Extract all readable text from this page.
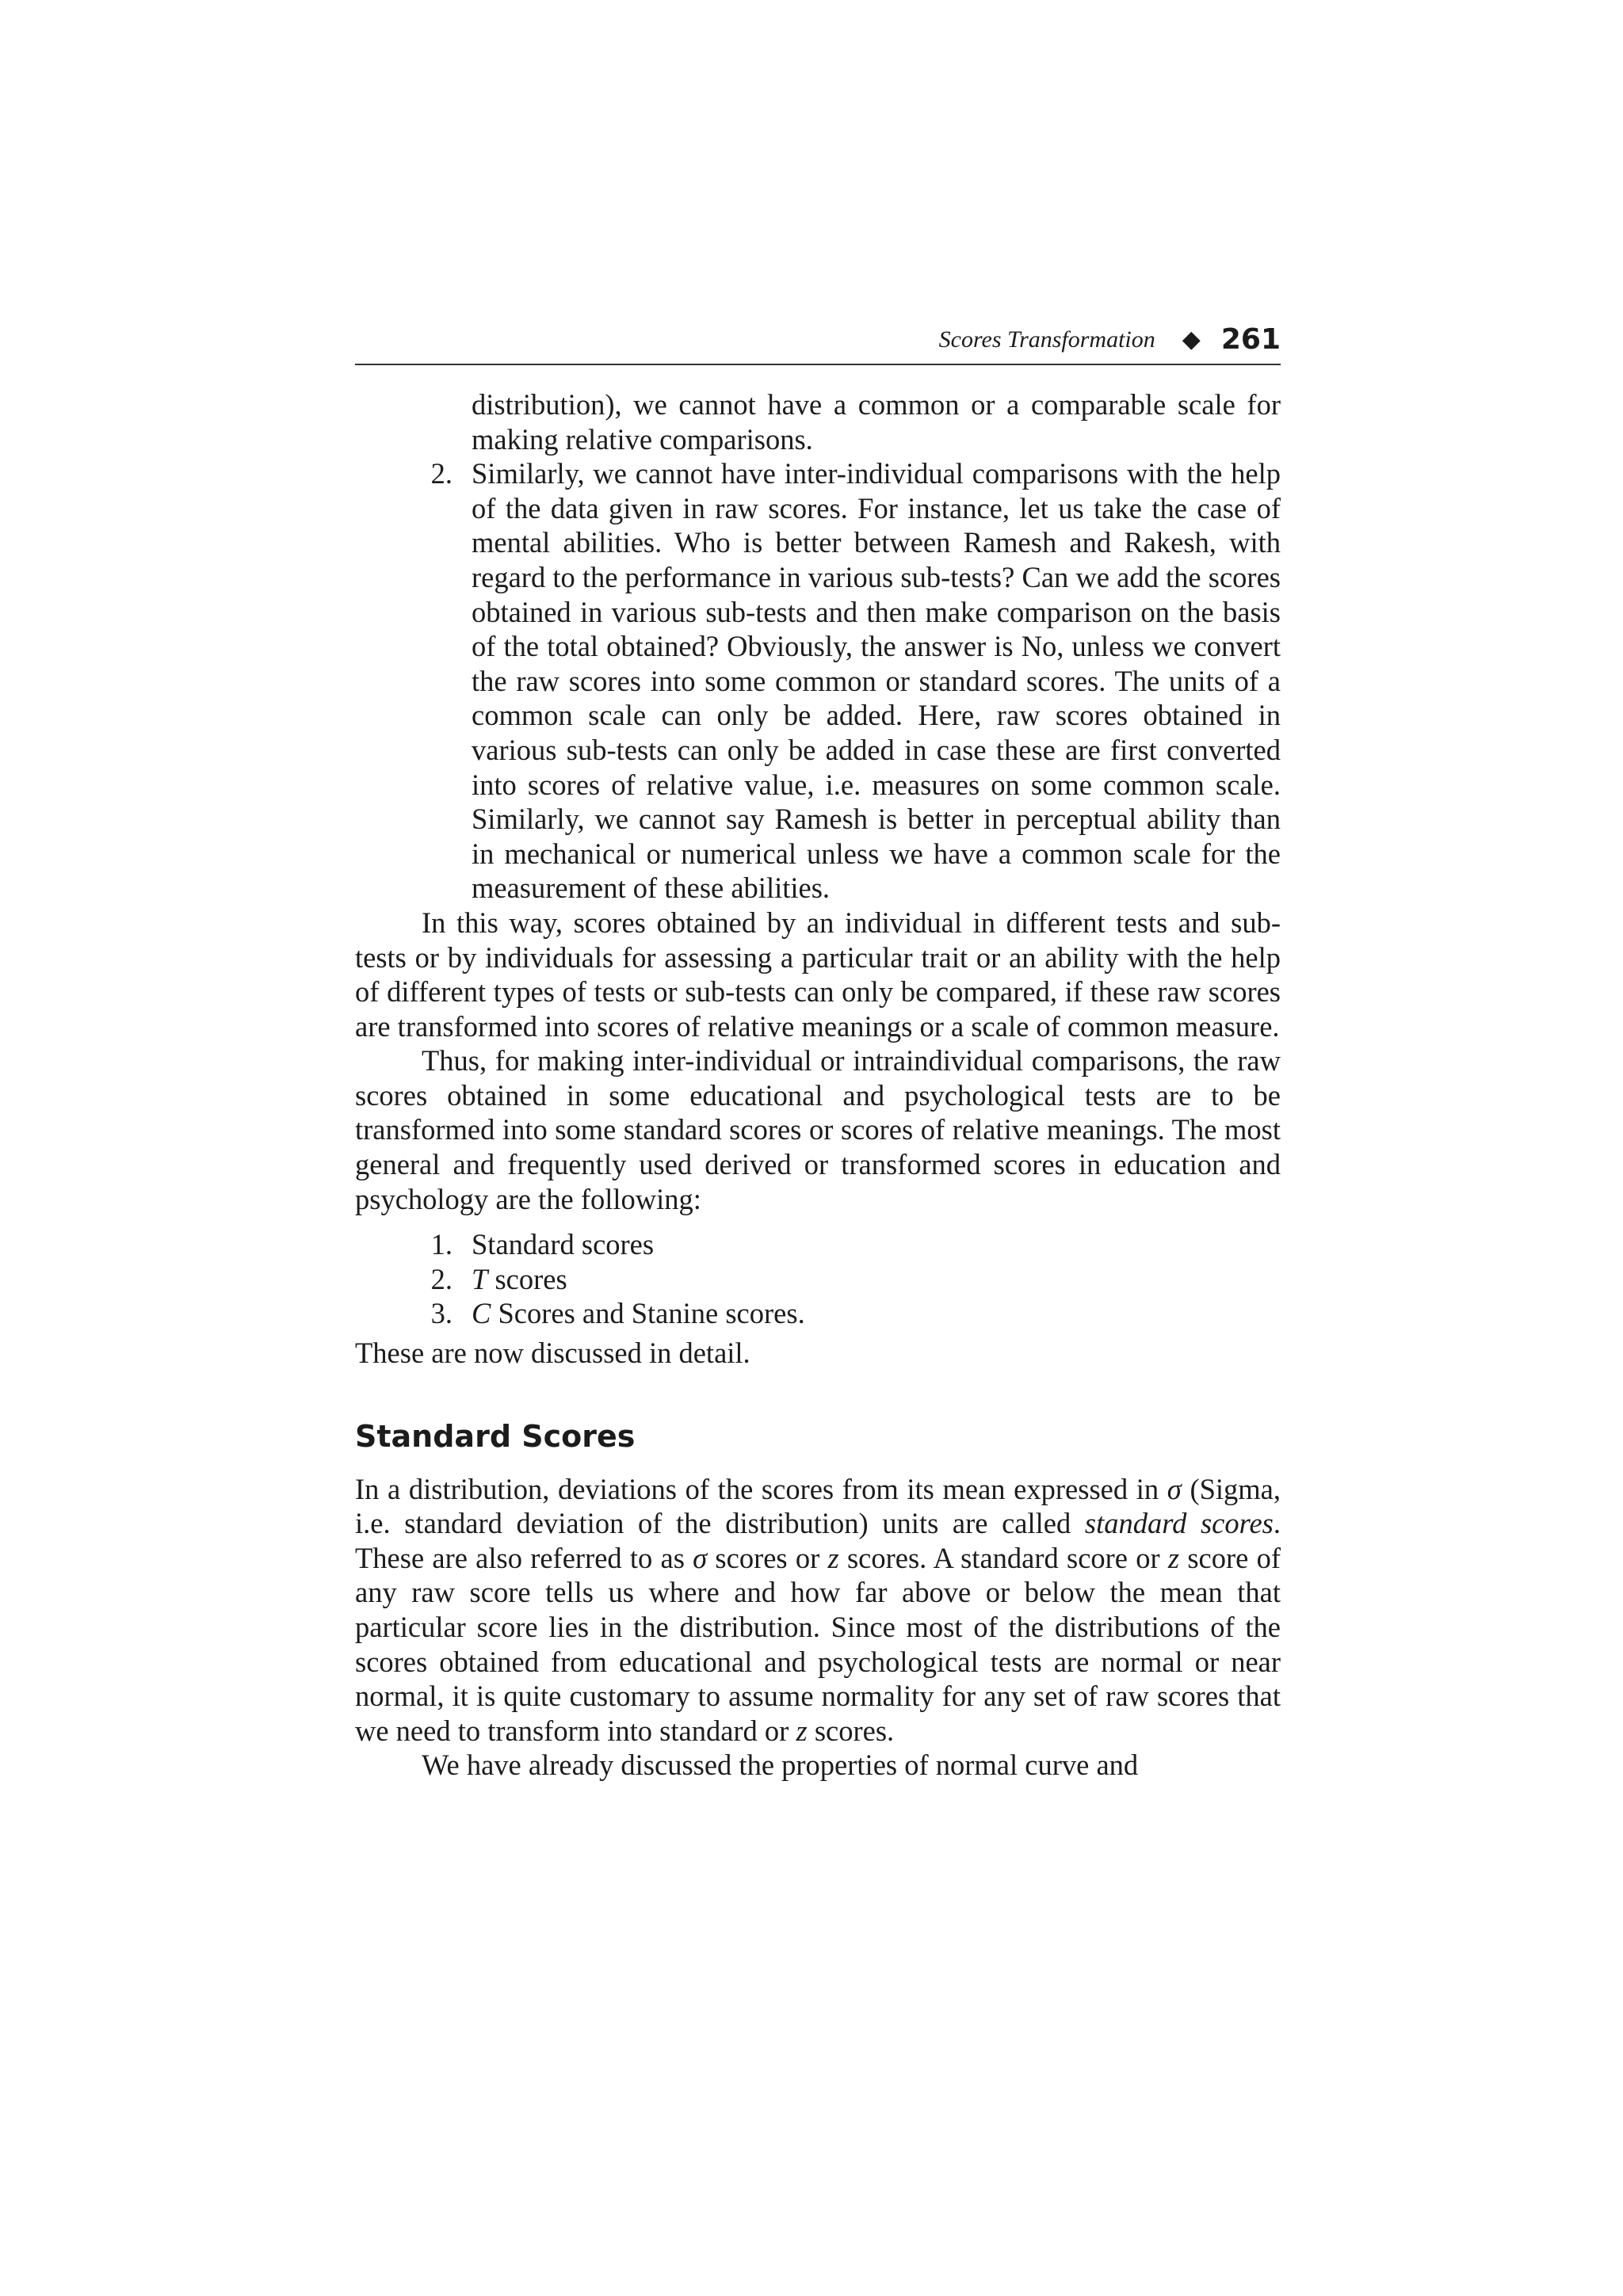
Scores Transformation ◆ 261

distribution), we cannot have a common or a comparable scale for making relative comparisons.

2. Similarly, we cannot have inter-individual comparisons with the help of the data given in raw scores. For instance, let us take the case of mental abilities. Who is better between Ramesh and Rakesh, with regard to the performance in various sub-tests? Can we add the scores obtained in various sub-tests and then make comparison on the basis of the total obtained? Obviously, the answer is No, unless we convert the raw scores into some common or standard scores. The units of a common scale can only be added. Here, raw scores obtained in various sub-tests can only be added in case these are first converted into scores of relative value, i.e. measures on some common scale. Similarly, we cannot say Ramesh is better in perceptual ability than in mechanical or numerical unless we have a common scale for the measurement of these abilities.

In this way, scores obtained by an individual in different tests and sub-tests or by individuals for assessing a particular trait or an ability with the help of different types of tests or sub-tests can only be compared, if these raw scores are transformed into scores of relative meanings or a scale of common measure.

Thus, for making inter-individual or intraindividual comparisons, the raw scores obtained in some educational and psychological tests are to be transformed into some standard scores or scores of relative meanings. The most general and frequently used derived or transformed scores in education and psychology are the following:

1. Standard scores
2. T scores
3. C Scores and Stanine scores.

These are now discussed in detail.

Standard Scores

In a distribution, deviations of the scores from its mean expressed in σ (Sigma, i.e. standard deviation of the distribution) units are called standard scores. These are also referred to as σ scores or z scores. A standard score or z score of any raw score tells us where and how far above or below the mean that particular score lies in the distribution. Since most of the distributions of the scores obtained from educational and psychological tests are normal or near normal, it is quite customary to assume normality for any set of raw scores that we need to transform into standard or z scores.

We have already discussed the properties of normal curve and
